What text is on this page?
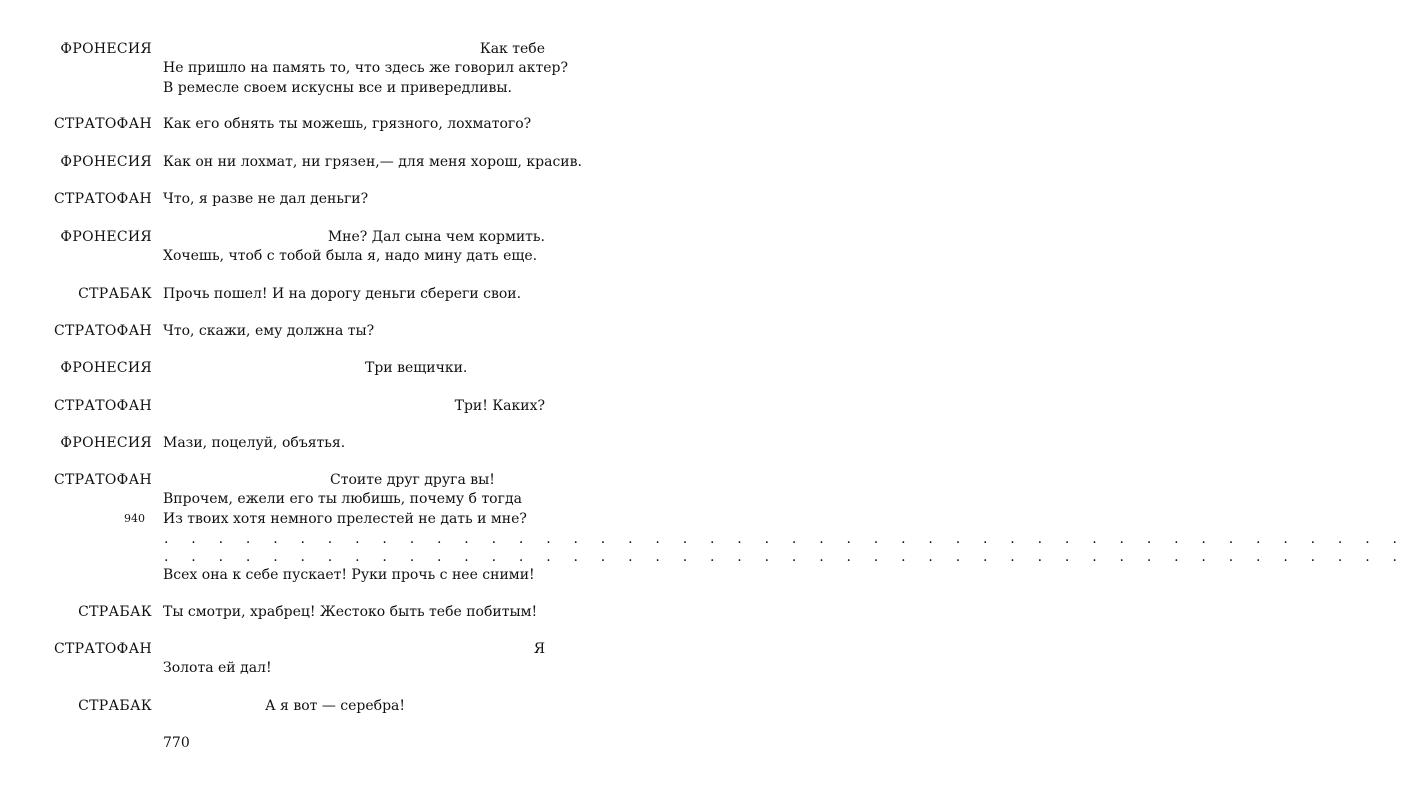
ФРОНЕСИЯ	Как тебе
Не пришло на память то, что здесь же говорил актер?
В ремесле своем искусны все и привередливы.
СТРАТОФАН Как его обнять ты можешь, грязного, лохматого?
ФРОНЕСИЯ Как он ни лохмат, ни грязен,— для меня хорош, красив.
СТРАТОФАН Что, я разве не дал деньги?
ФРОНЕСИЯ	Мне? Дал сына чем кормить.
Хочешь, чтоб с тобой была я, надо мину дать еще.
СТРАБАК Прочь пошел! И на дорогу деньги сбереги свои.
СТРАТОФАН Что, скажи, ему должна ты?
ФРОНЕСИЯ	Три вещички.
СТРАТОФАН	Три! Каких?
ФРОНЕСИЯ Мази, поцелуй, объятья.
СТРАТОФАН	Стоите друг друга вы!
Впрочем, ежели его ты любишь, почему б тогда
940 Из твоих хотя немного прелестей не дать и мне?
. . . . . . . . . . . . . . . . . . . . . . . . . . . . . . . . . . . . . . . . . . . . . .
. . . . . . . . . . . . . . . . . . . . . . . . . . . . . . . . . . . . . . . . . . . . . .
Всех она к себе пускает! Руки прочь с нее сними!
СТРАБАК Ты смотри, храбрец! Жестоко быть тебе побитым!
СТРАТОФАН	Я
Золота ей дал!
СТРАБАК	А я вот — серебра!
770
